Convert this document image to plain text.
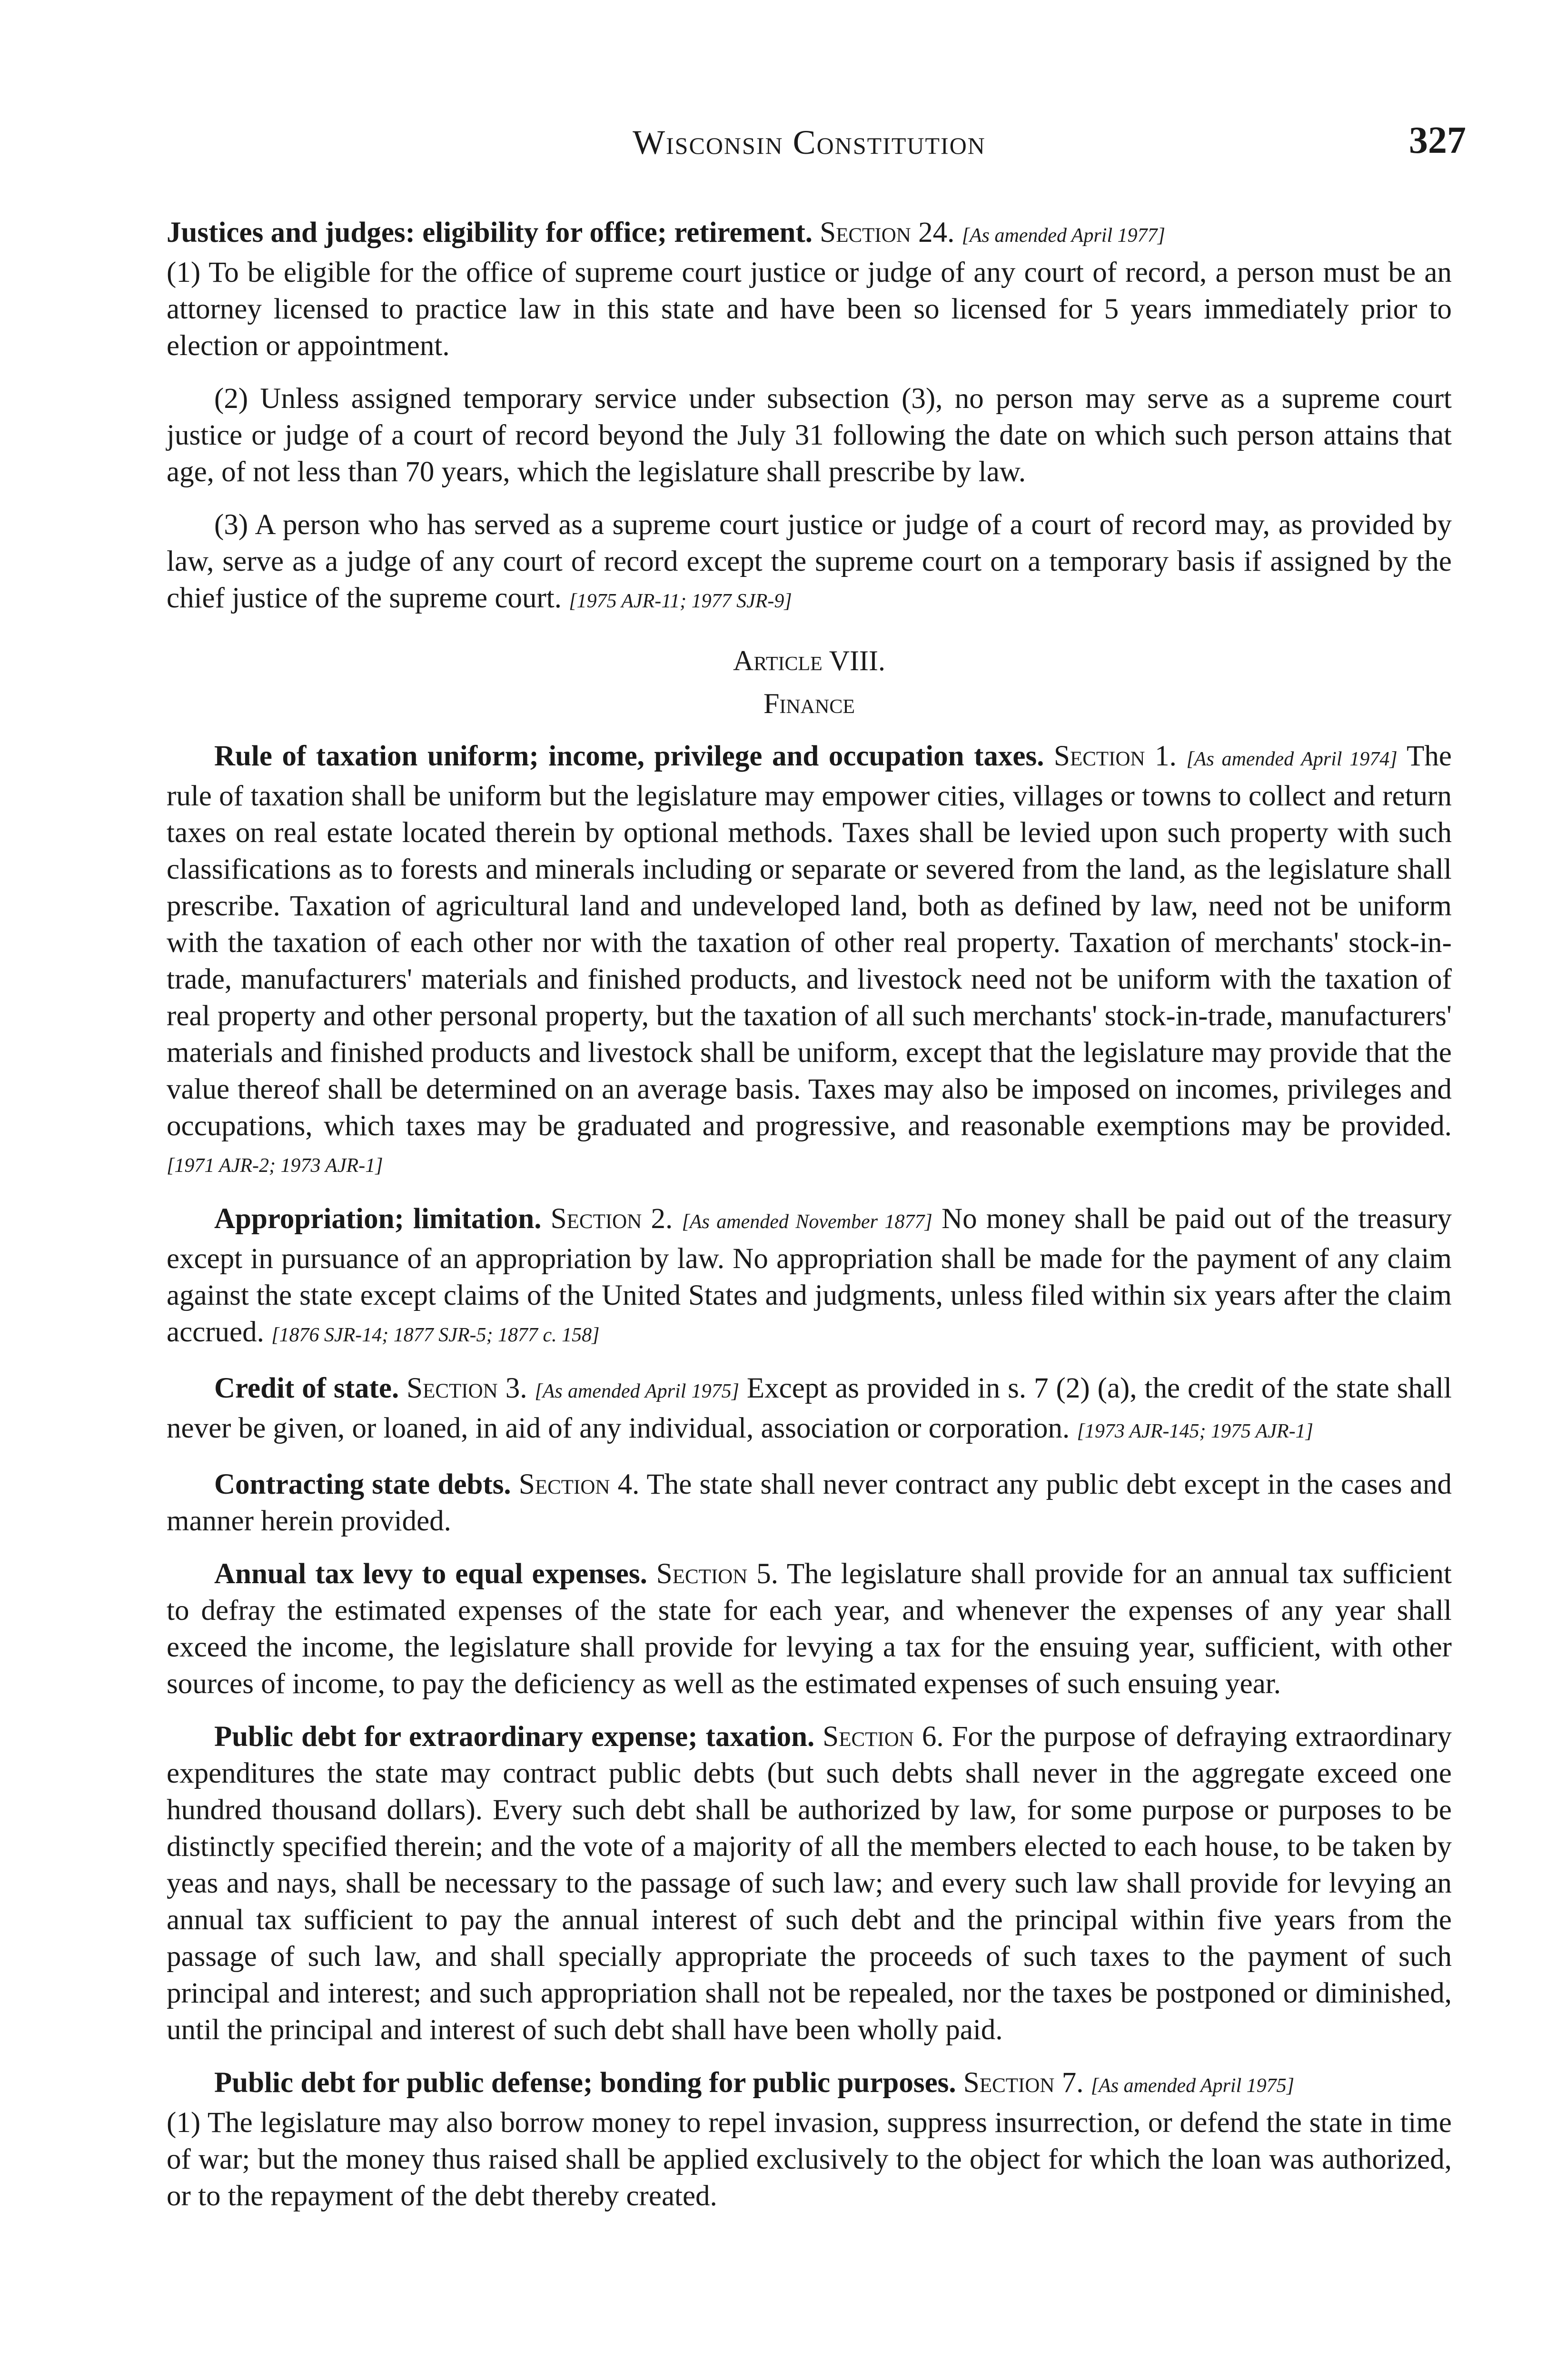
Wisconsin Constitution	327

Justices and judges: eligibility for office; retirement. Section 24. [As amended April 1977]
(1) To be eligible for the office of supreme court justice or judge of any court of record, a person must be an attorney licensed to practice law in this state and have been so licensed for 5 years immediately prior to election or appointment.

(2) Unless assigned temporary service under subsection (3), no person may serve as a supreme court justice or judge of a court of record beyond the July 31 following the date on which such person attains that age, of not less than 70 years, which the legislature shall prescribe by law.

(3) A person who has served as a supreme court justice or judge of a court of record may, as provided by law, serve as a judge of any court of record except the supreme court on a temporary basis if assigned by the chief justice of the supreme court. [1975 AJR-11; 1977 SJR-9]

Article VIII.
Finance

Rule of taxation uniform; income, privilege and occupation taxes. Section 1. [As amended April 1974] The rule of taxation shall be uniform but the legislature may empower cities, villages or towns to collect and return taxes on real estate located therein by optional methods. Taxes shall be levied upon such property with such classifications as to forests and minerals including or separate or severed from the land, as the legislature shall prescribe. Taxation of agricultural land and undeveloped land, both as defined by law, need not be uniform with the taxation of each other nor with the taxation of other real property. Taxation of merchants' stock-in-trade, manufacturers' materials and finished products, and livestock need not be uniform with the taxation of real property and other personal property, but the taxation of all such merchants' stock-in-trade, manufacturers' materials and finished products and livestock shall be uniform, except that the legislature may provide that the value thereof shall be determined on an average basis. Taxes may also be imposed on incomes, privileges and occupations, which taxes may be graduated and progressive, and reasonable exemptions may be provided. [1971 AJR-2; 1973 AJR-1]

Appropriation; limitation. Section 2. [As amended November 1877] No money shall be paid out of the treasury except in pursuance of an appropriation by law. No appropriation shall be made for the payment of any claim against the state except claims of the United States and judgments, unless filed within six years after the claim accrued. [1876 SJR-14; 1877 SJR-5; 1877 c. 158]

Credit of state. Section 3. [As amended April 1975] Except as provided in s. 7 (2) (a), the credit of the state shall never be given, or loaned, in aid of any individual, association or corporation. [1973 AJR-145; 1975 AJR-1]

Contracting state debts. Section 4. The state shall never contract any public debt except in the cases and manner herein provided.

Annual tax levy to equal expenses. Section 5. The legislature shall provide for an annual tax sufficient to defray the estimated expenses of the state for each year, and whenever the expenses of any year shall exceed the income, the legislature shall provide for levying a tax for the ensuing year, sufficient, with other sources of income, to pay the deficiency as well as the estimated expenses of such ensuing year.

Public debt for extraordinary expense; taxation. Section 6. For the purpose of defraying extraordinary expenditures the state may contract public debts (but such debts shall never in the aggregate exceed one hundred thousand dollars). Every such debt shall be authorized by law, for some purpose or purposes to be distinctly specified therein; and the vote of a majority of all the members elected to each house, to be taken by yeas and nays, shall be necessary to the passage of such law; and every such law shall provide for levying an annual tax sufficient to pay the annual interest of such debt and the principal within five years from the passage of such law, and shall specially appropriate the proceeds of such taxes to the payment of such principal and interest; and such appropriation shall not be repealed, nor the taxes be postponed or diminished, until the principal and interest of such debt shall have been wholly paid.

Public debt for public defense; bonding for public purposes. Section 7. [As amended April 1975]
(1) The legislature may also borrow money to repel invasion, suppress insurrection, or defend the state in time of war; but the money thus raised shall be applied exclusively to the object for which the loan was authorized, or to the repayment of the debt thereby created.
